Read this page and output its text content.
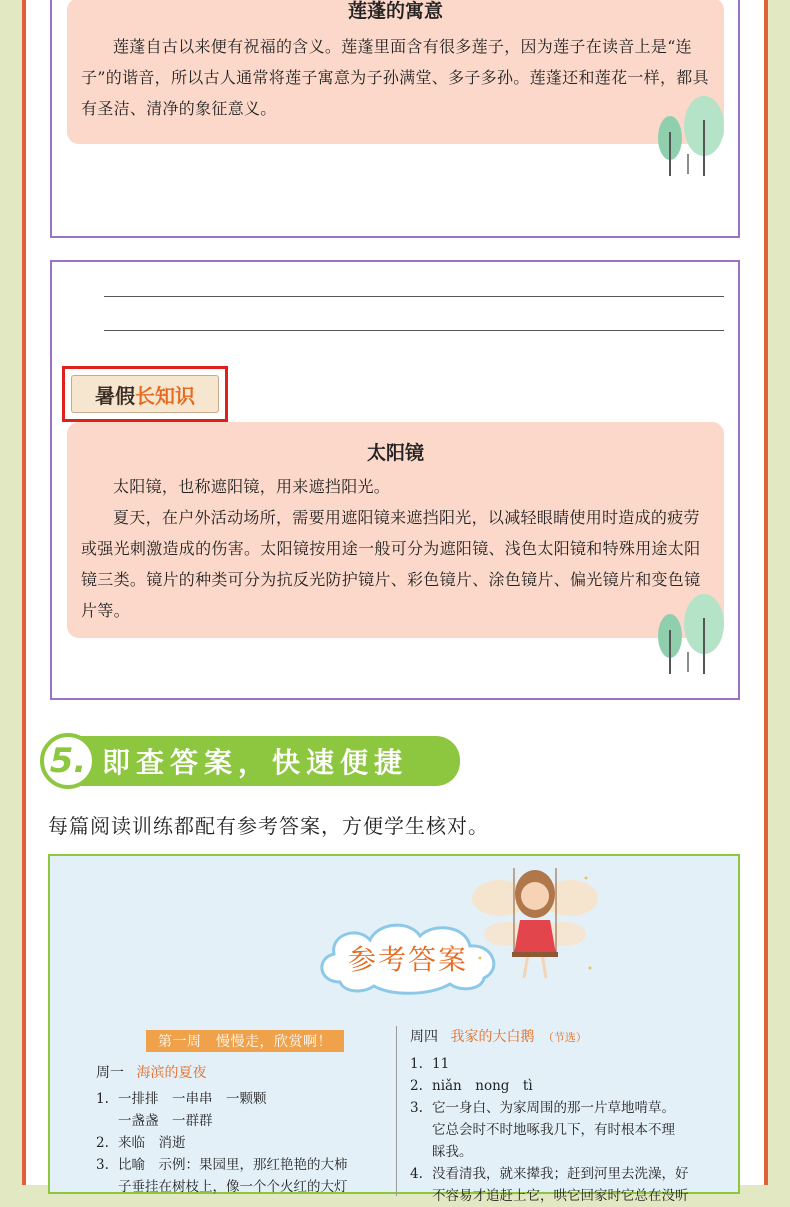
莲蓬的寓意
莲蓬自古以来便有祝福的含义。莲蓬里面含有很多莲子，因为莲子在读音上是“连子”的谐音，所以古人通常将莲子寓意为子孙满堂、多子多孙。莲蓬还和莲花一样，都具有圣洁、清净的象征意义。
暑假 长知识
太阳镜
太阳镜，也称遮阳镜，用来遮挡阳光。
夏天，在户外活动场所，需要用遮阳镜来遮挡阳光，以减轻眼睛使用时造成的疲劳或强光刺激造成的伤害。太阳镜按用途一般可分为遮阳镜、浅色太阳镜和特殊用途太阳镜三类。镜片的种类可分为抗反光防护镜片、彩色镜片、涂色镜片、偏光镜片和变色镜片等。
5. 即查答案，快速便捷
每篇阅读训练都配有参考答案，方便学生核对。
参考答案
第一周　慢慢走，欣赏啊！
周一 海滨的夏夜
1. 一排排　一串串　一颗颗
一盏盏　一群群
2. 来临　消逝
3. 比喻　示例：果园里，那红艳艳的大柿
子垂挂在树枝上，像一个个火红的大灯
周四 我家的大白鹅 （节选）
1. 11
2. niǎn　nong　tì
3. 它一身白、为家周围的那一片草地啃草。
它总会时不时地啄我几下，有时根本不理
睬我。
4. 没看清我，就来撵我；赶到河里去洗澡，好
不容易才追赶上它，哄它回家时它总在没听
